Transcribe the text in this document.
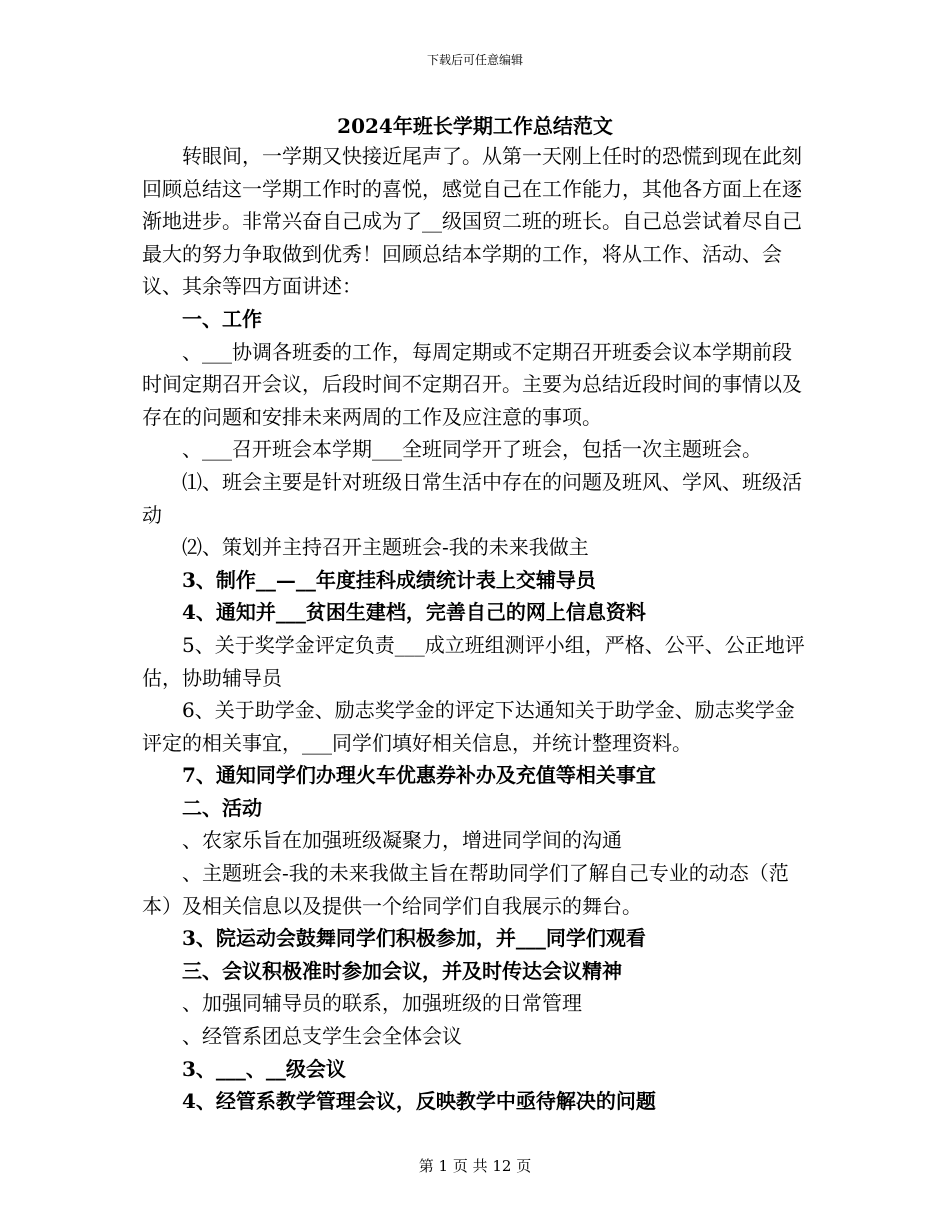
下载后可任意编辑
2024年班长学期工作总结范文

转眼间，一学期又快接近尾声了。从第一天刚上任时的恐慌到现在此刻回顾总结这一学期工作时的喜悦，感觉自己在工作能力，其他各方面上在逐渐地进步。非常兴奋自己成为了__级国贸二班的班长。自己总尝试着尽自己最大的努力争取做到优秀！回顾总结本学期的工作，将从工作、活动、会议、其余等四方面讲述：

一、工作

、___协调各班委的工作，每周定期或不定期召开班委会议本学期前段时间定期召开会议，后段时间不定期召开。主要为总结近段时间的事情以及存在的问题和安排未来两周的工作及应注意的事项。

、___召开班会本学期___全班同学开了班会，包括一次主题班会。

⑴、班会主要是针对班级日常生活中存在的问题及班风、学风、班级活动

⑵、策划并主持召开主题班会-我的未来我做主

3、制作__—__年度挂科成绩统计表上交辅导员

4、通知并___贫困生建档，完善自己的网上信息资料

5、关于奖学金评定负责___成立班组测评小组，严格、公平、公正地评估，协助辅导员

6、关于助学金、励志奖学金的评定下达通知关于助学金、励志奖学金评定的相关事宜，___同学们填好相关信息，并统计整理资料。

7、通知同学们办理火车优惠券补办及充值等相关事宜

二、活动

、农家乐旨在加强班级凝聚力，增进同学间的沟通

、主题班会-我的未来我做主旨在帮助同学们了解自己专业的动态（范本）及相关信息以及提供一个给同学们自我展示的舞台。

3、院运动会鼓舞同学们积极参加，并___同学们观看

三、会议积极准时参加会议，并及时传达会议精神

、加强同辅导员的联系，加强班级的日常管理

、经管系团总支学生会全体会议

3、___、__级会议

4、经管系教学管理会议，反映教学中亟待解决的问题

第 1 页 共 12 页
